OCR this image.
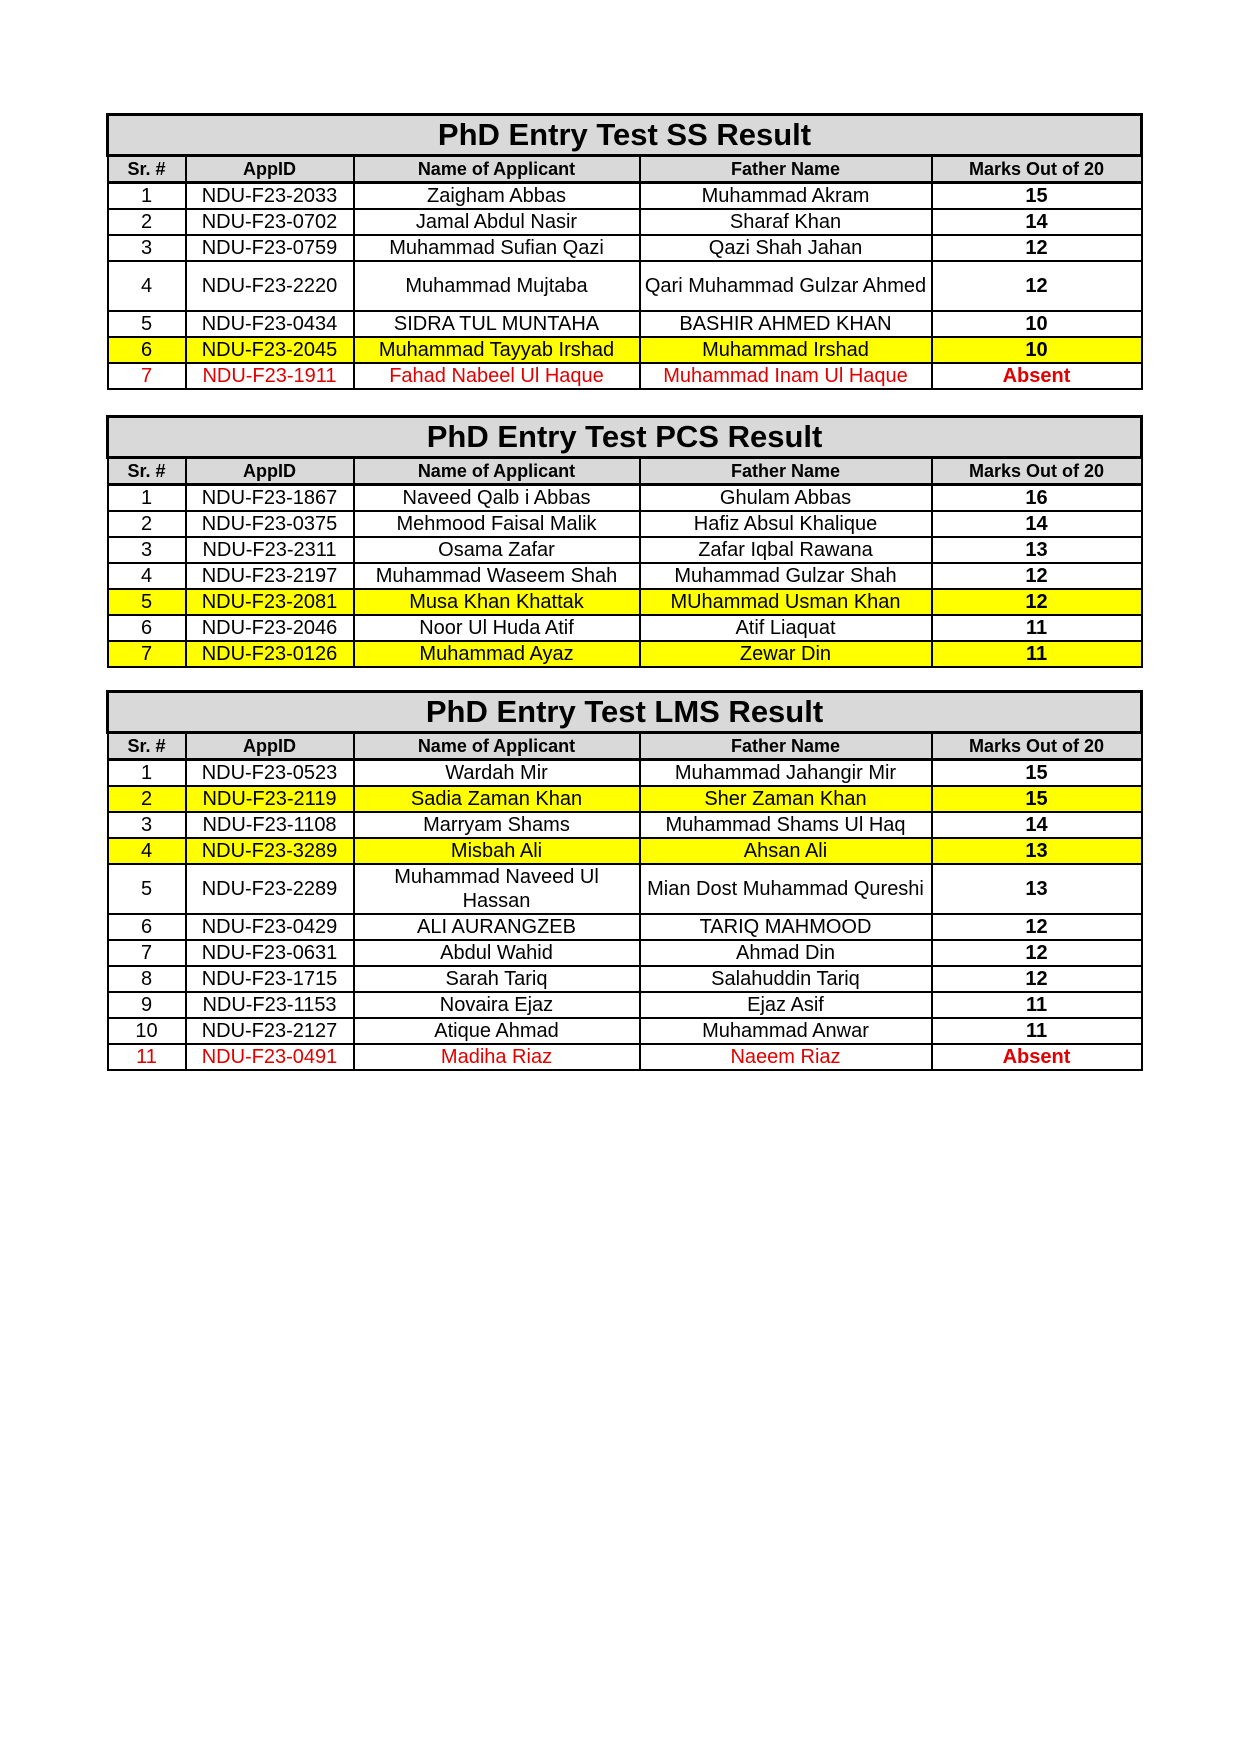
PhD Entry Test SS Result				
Sr. #	AppID	Name of Applicant	Father Name	Marks Out of 20
1	NDU-F23-2033	Zaigham Abbas	Muhammad Akram	15
2	NDU-F23-0702	Jamal Abdul Nasir	Sharaf Khan	14
3	NDU-F23-0759	Muhammad Sufian Qazi	Qazi Shah Jahan	12
4	NDU-F23-2220	Muhammad Mujtaba	Qari Muhammad Gulzar Ahmed	12
5	NDU-F23-0434	SIDRA TUL MUNTAHA	BASHIR AHMED KHAN	10
6	NDU-F23-2045	Muhammad Tayyab Irshad	Muhammad Irshad	10
7	NDU-F23-1911	Fahad Nabeel Ul Haque	Muhammad Inam Ul Haque	Absent
PhD Entry Test PCS Result				
Sr. #	AppID	Name of Applicant	Father Name	Marks Out of 20
1	NDU-F23-1867	Naveed Qalb i Abbas	Ghulam Abbas	16
2	NDU-F23-0375	Mehmood Faisal Malik	Hafiz Absul Khalique	14
3	NDU-F23-2311	Osama Zafar	Zafar Iqbal Rawana	13
4	NDU-F23-2197	Muhammad Waseem Shah	Muhammad Gulzar Shah	12
5	NDU-F23-2081	Musa Khan Khattak	MUhammad Usman Khan	12
6	NDU-F23-2046	Noor Ul Huda Atif	Atif Liaquat	11
7	NDU-F23-0126	Muhammad Ayaz	Zewar Din	11
PhD Entry Test LMS Result				
Sr. #	AppID	Name of Applicant	Father Name	Marks Out of 20
1	NDU-F23-0523	Wardah Mir	Muhammad Jahangir Mir	15
2	NDU-F23-2119	Sadia Zaman Khan	Sher Zaman Khan	15
3	NDU-F23-1108	Marryam Shams	Muhammad Shams Ul Haq	14
4	NDU-F23-3289	Misbah Ali	Ahsan Ali	13
5	NDU-F23-2289	Muhammad Naveed Ul Hassan	Mian Dost Muhammad Qureshi	13
6	NDU-F23-0429	ALI AURANGZEB	TARIQ MAHMOOD	12
7	NDU-F23-0631	Abdul Wahid	Ahmad Din	12
8	NDU-F23-1715	Sarah Tariq	Salahuddin Tariq	12
9	NDU-F23-1153	Novaira Ejaz	Ejaz Asif	11
10	NDU-F23-2127	Atique Ahmad	Muhammad Anwar	11
11	NDU-F23-0491	Madiha Riaz	Naeem Riaz	Absent
